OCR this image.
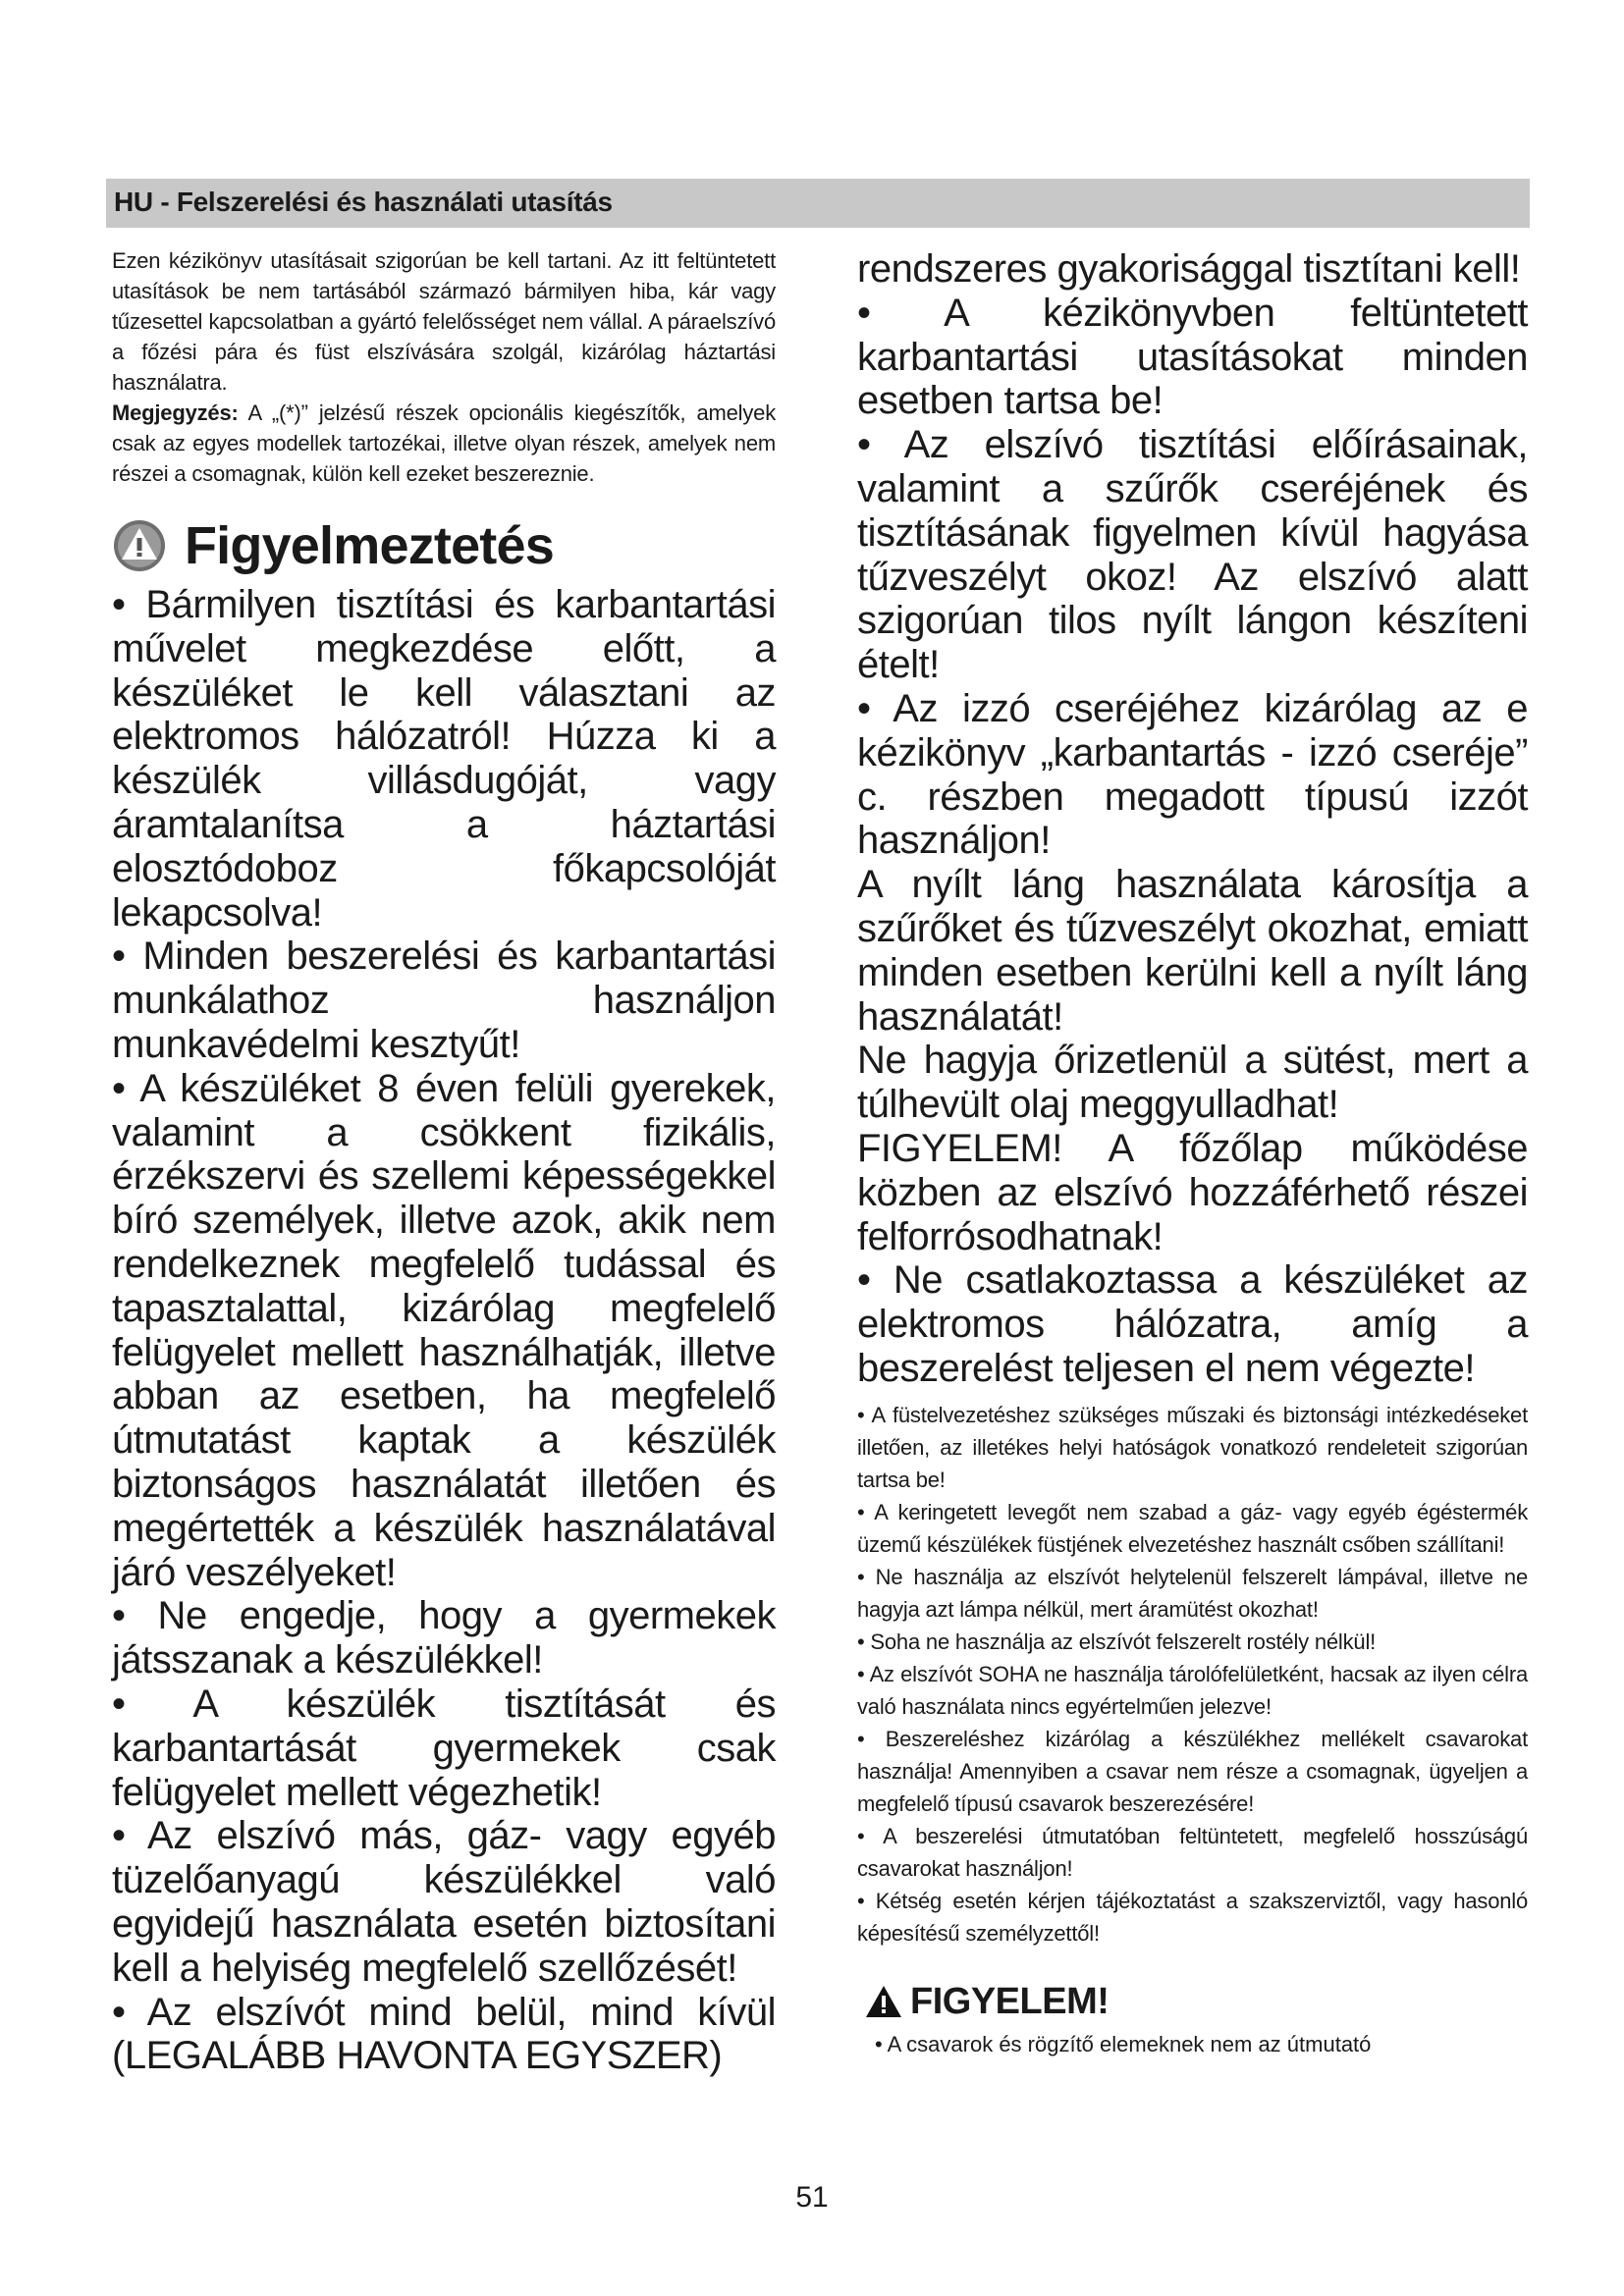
HU - Felszerelési és használati utasítás

Ezen kézikönyv utasításait szigorúan be kell tartani. Az itt feltüntetett utasítások be nem tartásából származó bármilyen hiba, kár vagy tűzesettel kapcsolatban a gyártó felelősséget nem vállal. A páraelszívó a főzési pára és füst elszívására szolgál, kizárólag háztartási használatra.

Megjegyzés: A „(*)” jelzésű részek opcionális kiegészítők, amelyek csak az egyes modellek tartozékai, illetve olyan részek, amelyek nem részei a csomagnak, külön kell ezeket beszereznie.

Figyelmeztetés

• Bármilyen tisztítási és karbantartási művelet megkezdése előtt, a készüléket le kell választani az elektromos hálózatról! Húzza ki a készülék villásdugóját, vagy áramtalanítsa a háztartási elosztódoboz főkapcsolóját lekapcsolva!

• Minden beszerelési és karbantartási munkálathoz használjon munkavédelmi kesztyűt!

• A készüléket 8 éven felüli gyerekek, valamint a csökkent fizikális, érzékszervi és szellemi képességekkel bíró személyek, illetve azok, akik nem rendelkeznek megfelelő tudással és tapasztalattal, kizárólag megfelelő felügyelet mellett használhatják, illetve abban az esetben, ha megfelelő útmutatást kaptak a készülék biztonságos használatát illetően és megértették a készülék használatával járó veszélyeket!

• Ne engedje, hogy a gyermekek játsszanak a készülékkel!

• A készülék tisztítását és karbantartását gyermekek csak felügyelet mellett végezhetik!

• Az elszívó más, gáz- vagy egyéb tüzelőanyagú készülékkel való egyidejű használata esetén biztosítani kell a helyiség megfelelő szellőzését!

• Az elszívót mind belül, mind kívül (LEGALÁBB HAVONTA EGYSZER)

rendszeres gyakorisággal tisztítani kell!

• A kézikönyvben feltüntetett karbantartási utasításokat minden esetben tartsa be!

• Az elszívó tisztítási előírásainak, valamint a szűrők cseréjének és tisztításának figyelmen kívül hagyása tűzveszélyt okoz! Az elszívó alatt szigorúan tilos nyílt lángon készíteni ételt!

• Az izzó cseréjéhez kizárólag az e kézikönyv „karbantartás - izzó cseréje” c. részben megadott típusú izzót használjon!

A nyílt láng használata károsítja a szűrőket és tűzveszélyt okozhat, emiatt minden esetben kerülni kell a nyílt láng használatát!

Ne hagyja őrizetlenül a sütést, mert a túlhevült olaj meggyulladhat!

FIGYELEM! A főzőlap működése közben az elszívó hozzáférhető részei felforrósodhatnak!

• Ne csatlakoztassa a készüléket az elektromos hálózatra, amíg a beszerelést teljesen el nem végezte!

• A füstelvezetéshez szükséges műszaki és biztonsági intézkedéseket illetően, az illetékes helyi hatóságok vonatkozó rendeleteit szigorúan tartsa be!

• A keringetett levegőt nem szabad a gáz- vagy egyéb égéstermék üzemű készülékek füstjének elvezetéshez használt csőben szállítani!

• Ne használja az elszívót helytelenül felszerelt lámpával, illetve ne hagyja azt lámpa nélkül, mert áramütést okozhat!

• Soha ne használja az elszívót felszerelt rostély nélkül!

• Az elszívót SOHA ne használja tárolófelületként, hacsak az ilyen célra való használata nincs egyértelműen jelezve!

• Beszereléshez kizárólag a készülékhez mellékelt csavarokat használja! Amennyiben a csavar nem része a csomagnak, ügyeljen a megfelelő típusú csavarok beszerezésére!

• A beszerelési útmutatóban feltüntetett, megfelelő hosszúságú csavarokat használjon!

• Kétség esetén kérjen tájékoztatást a szakszerviztől, vagy hasonló képesítésű személyzettől!

FIGYELEM!

• A csavarok és rögzítő elemeknek nem az útmutató

51
